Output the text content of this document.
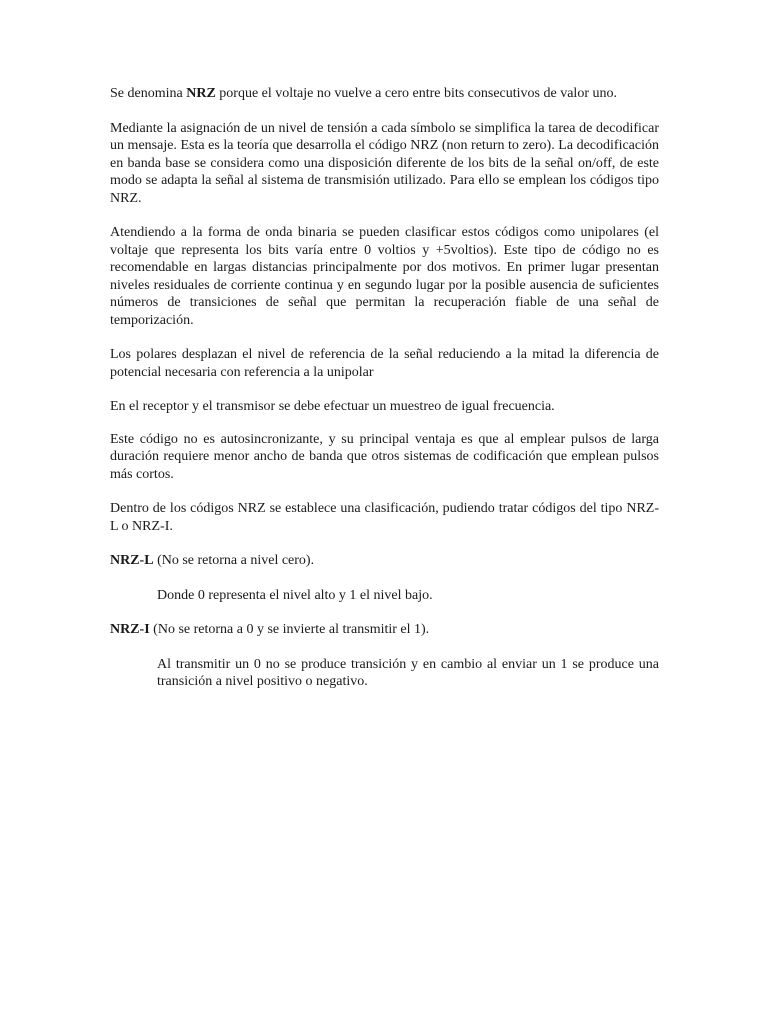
Se denomina NRZ porque el voltaje no vuelve a cero entre bits consecutivos de valor uno.

Mediante la asignación de un nivel de tensión a cada símbolo se simplifica la tarea de decodificar un mensaje. Esta es la teoría que desarrolla el código NRZ (non return to zero). La decodificación en banda base se considera como una disposición diferente de los bits de la señal on/off, de este modo se adapta la señal al sistema de transmisión utilizado. Para ello se emplean los códigos tipo NRZ.

Atendiendo a la forma de onda binaria se pueden clasificar estos códigos como unipolares (el voltaje que representa los bits varía entre 0 voltios y +5voltios). Este tipo de código no es recomendable en largas distancias principalmente por dos motivos. En primer lugar presentan niveles residuales de corriente continua y en segundo lugar por la posible ausencia de suficientes números de transiciones de señal que permitan la recuperación fiable de una señal de temporización.

Los polares desplazan el nivel de referencia de la señal reduciendo a la mitad la diferencia de potencial necesaria con referencia a la unipolar

En el receptor y el transmisor se debe efectuar un muestreo de igual frecuencia.

Este código no es autosincronizante, y su principal ventaja es que al emplear pulsos de larga duración requiere menor ancho de banda que otros sistemas de codificación que emplean pulsos más cortos.

Dentro de los códigos NRZ se establece una clasificación, pudiendo tratar códigos del tipo NRZ-L o NRZ-I.

NRZ-L (No se retorna a nivel cero).

Donde 0 representa el nivel alto y 1 el nivel bajo.

NRZ-I (No se retorna a 0 y se invierte al transmitir el 1).

Al transmitir un 0 no se produce transición y en cambio al enviar un 1 se produce una transición a nivel positivo o negativo.
